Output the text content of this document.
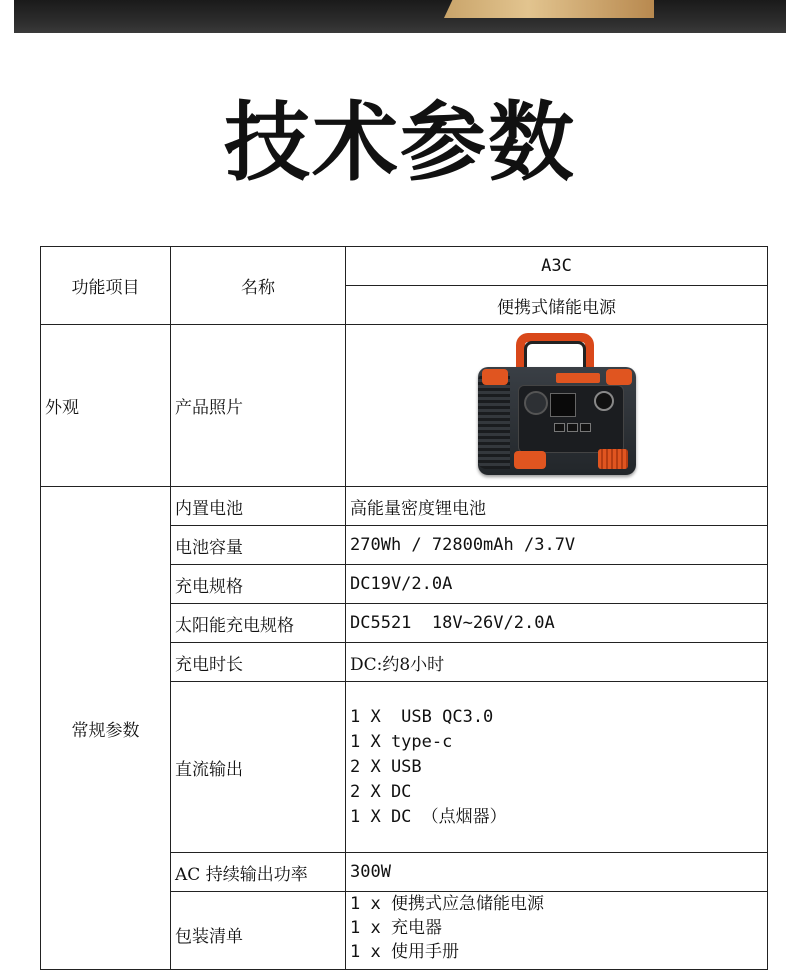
技术参数
功能项目	名称	A3C
		便携式储能电源
外观	产品照片	

常规参数	内置电池	高能量密度锂电池
	电池容量	270Wh / 72800mAh /3.7V
	充电规格	DC19V/2.0A
	太阳能充电规格	DC5521  18V~26V/2.0A
	充电时长	DC:约8小时
	直流输出	1 X  USB QC3.0
1 X type-c
2 X USB
2 X DC
1 X DC （点烟器）

	AC 持续输出功率	300W
	包装清单	1 x 便携式应急储能电源
1 x 充电器
1 x 使用手册
